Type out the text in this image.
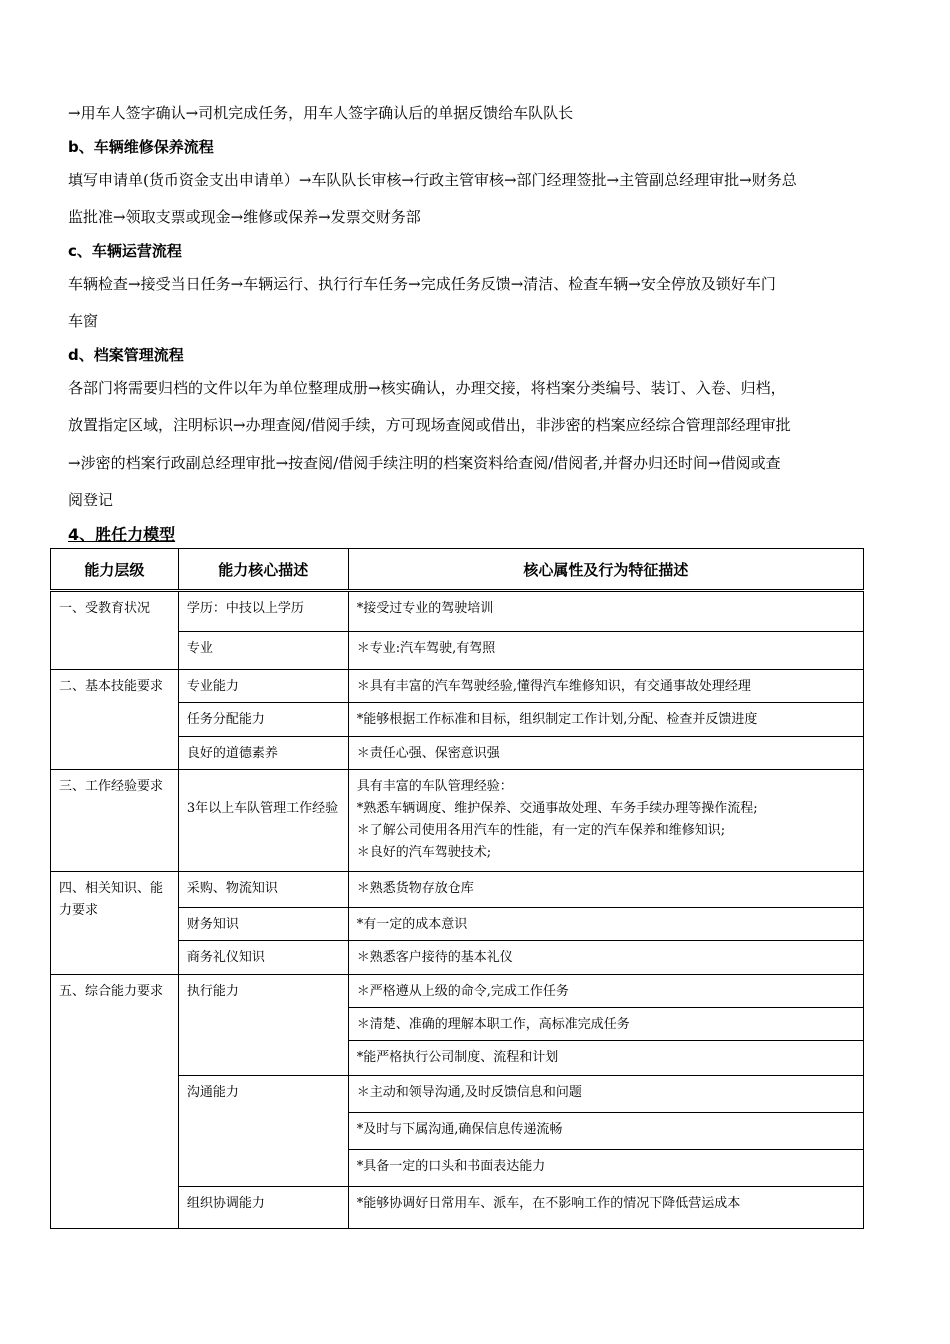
→用车人签字确认→司机完成任务，用车人签字确认后的单据反馈给车队队长
b、车辆维修保养流程
填写申请单(货币资金支出申请单）→车队队长审核→行政主管审核→部门经理签批→主管副总经理审批→财务总
监批准→领取支票或现金→维修或保养→发票交财务部
c、车辆运营流程
车辆检查→接受当日任务→车辆运行、执行行车任务→完成任务反馈→清洁、检查车辆→安全停放及锁好车门
车窗
d、档案管理流程
各部门将需要归档的文件以年为单位整理成册→核实确认，办理交接，将档案分类编号、装订、入卷、归档，
放置指定区域，注明标识→办理查阅/借阅手续，方可现场查阅或借出，非涉密的档案应经综合管理部经理审批
→涉密的档案行政副总经理审批→按查阅/借阅手续注明的档案资料给查阅/借阅者,并督办归还时间→借阅或查
阅登记
4、胜任力模型
能力层级	能力核心描述	核心属性及行为特征描述
一、受教育状况	学历：中技以上学历	*接受过专业的驾驶培训
	专业	＊专业:汽车驾驶,有驾照
二、基本技能要求	专业能力	＊具有丰富的汽车驾驶经验,懂得汽车维修知识，有交通事故处理经理
	任务分配能力	*能够根据工作标准和目标，组织制定工作计划,分配、检查并反馈进度
	良好的道德素养	＊责任心强、保密意识强
三、工作经验要求	3年以上车队管理工作经验	具有丰富的车队管理经验：
*熟悉车辆调度、维护保养、交通事故处理、车务手续办理等操作流程;
＊了解公司使用各用汽车的性能，有一定的汽车保养和维修知识;
＊良好的汽车驾驶技术;

四、相关知识、能力要求	采购、物流知识	＊熟悉货物存放仓库
	财务知识	*有一定的成本意识
	商务礼仪知识	＊熟悉客户接待的基本礼仪
五、综合能力要求	执行能力	＊严格遵从上级的命令,完成工作任务
		＊清楚、准确的理解本职工作，高标准完成任务
		*能严格执行公司制度、流程和计划
	沟通能力	＊主动和领导沟通,及时反馈信息和问题
		*及时与下属沟通,确保信息传递流畅
		*具备一定的口头和书面表达能力
	组织协调能力	*能够协调好日常用车、派车，在不影响工作的情况下降低营运成本
